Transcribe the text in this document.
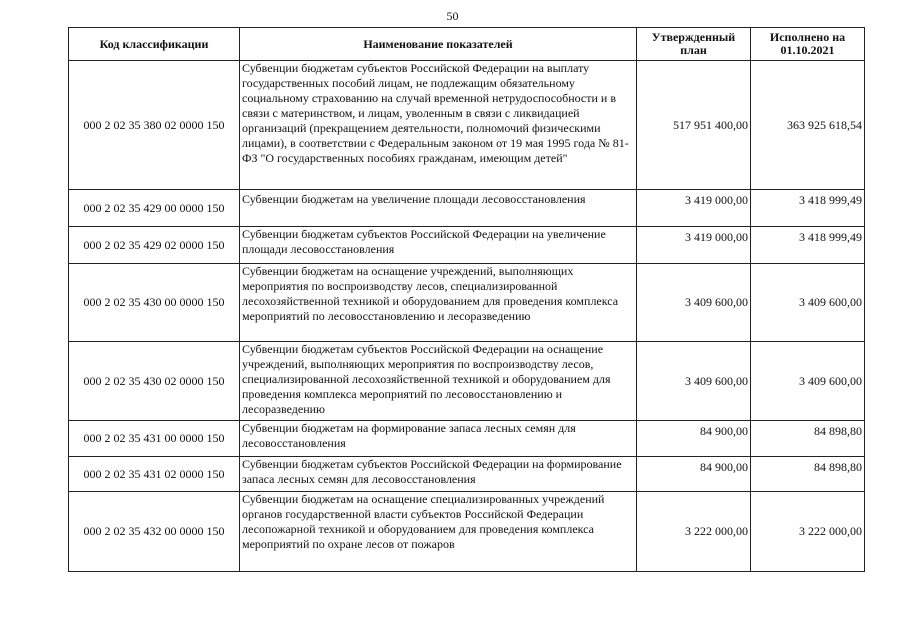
50
Код классификации	Наименование показателей	Утвержденный план	Исполнено на 01.10.2021
000 2 02 35 380 02 0000 150	Субвенции бюджетам субъектов Российской Федерации на выплату государственных пособий лицам, не подлежащим обязательному социальному страхованию на случай временной нетрудоспособности и в связи с материнством, и лицам, уволенным в связи с ликвидацией организаций (прекращением деятельности, полномочий физическими лицами), в соответствии с Федеральным законом от 19 мая 1995 года № 81-ФЗ "О государственных пособиях гражданам, имеющим детей"	517 951 400,00	363 925 618,54
000 2 02 35 429 00 0000 150	Субвенции бюджетам на увеличение площади лесовосстановления	3 419 000,00	3 418 999,49
000 2 02 35 429 02 0000 150	Субвенции бюджетам субъектов Российской Федерации на увеличение площади лесовосстановления	3 419 000,00	3 418 999,49
000 2 02 35 430 00 0000 150	Субвенции бюджетам на оснащение учреждений, выполняющих мероприятия по воспроизводству лесов, специализированной лесохозяйственной техникой и оборудованием для проведения комплекса мероприятий по лесовосстановлению и лесоразведению	3 409 600,00	3 409 600,00
000 2 02 35 430 02 0000 150	Субвенции бюджетам субъектов Российской Федерации на оснащение учреждений, выполняющих мероприятия по воспроизводству лесов, специализированной лесохозяйственной техникой и оборудованием для проведения комплекса мероприятий по лесовосстановлению и лесоразведению	3 409 600,00	3 409 600,00
000 2 02 35 431 00 0000 150	Субвенции бюджетам на формирование запаса лесных семян для лесовосстановления	84 900,00	84 898,80
000 2 02 35 431 02 0000 150	Субвенции бюджетам субъектов Российской Федерации на формирование запаса лесных семян для лесовосстановления	84 900,00	84 898,80
000 2 02 35 432 00 0000 150	Субвенции бюджетам на оснащение специализированных учреждений органов государственной власти субъектов Российской Федерации лесопожарной техникой и оборудованием для проведения комплекса мероприятий по охране лесов от пожаров	3 222 000,00	3 222 000,00
